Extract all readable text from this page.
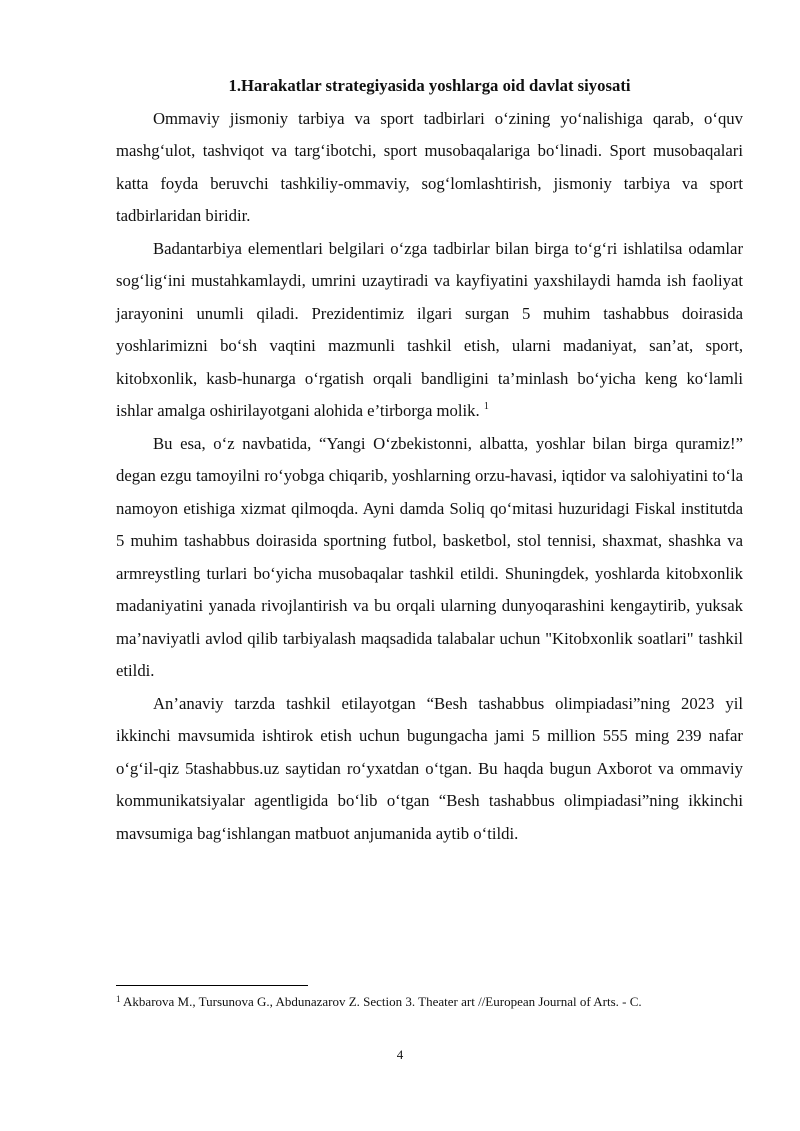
1.Harakatlar strategiyasida yoshlarga oid davlat siyosati

Ommaviy jismoniy tarbiya va sport tadbirlari o‘zining yo‘nalishiga qarab, o‘quv mashg‘ulot, tashviqot va targ‘ibotchi, sport musobaqalariga bo‘linadi. Sport musobaqalari katta foyda beruvchi tashkiliy-ommaviy, sog‘lomlashtirish, jismoniy tarbiya va sport tadbirlaridan biridir.

Badantarbiya elementlari belgilari o‘zga tadbirlar bilan birga to‘g‘ri ishlatilsa odamlar sog‘lig‘ini mustahkamlaydi, umrini uzaytiradi va kayfiyatini yaxshilaydi hamda ish faoliyat jarayonini unumli qiladi. Prezidentimiz ilgari surgan 5 muhim tashabbus doirasida yoshlarimizni bo‘sh vaqtini mazmunli tashkil etish, ularni madaniyat, san’at, sport, kitobxonlik, kasb-hunarga o‘rgatish orqali bandligini ta’minlash bo‘yicha keng ko‘lamli ishlar amalga oshirilayotgani alohida e’tirborga molik. $^1$

Bu esa, o‘z navbatida, “Yangi O‘zbekistonni, albatta, yoshlar bilan birga quramiz!” degan ezgu tamoyilni ro‘yobga chiqarib, yoshlarning orzu-havasi, iqtidor va salohiyatini to‘la namoyon etishiga xizmat qilmoqda. Ayni damda Soliq qo‘mitasi huzuridagi Fiskal institutda 5 muhim tashabbus doirasida sportning futbol, basketbol, stol tennisi, shaxmat, shashka va armreystling turlari bo‘yicha musobaqalar tashkil etildi. Shuningdek, yoshlarda kitobxonlik madaniyatini yanada rivojlantirish va bu orqali ularning dunyoqarashini kengaytirib, yuksak ma’naviyatli avlod qilib tarbiyalash maqsadida talabalar uchun "Kitobxonlik soatlari" tashkil etildi.

An’anaviy tarzda tashkil etilayotgan “Besh tashabbus olimpiadasi”ning 2023 yil ikkinchi mavsumida ishtirok etish uchun bugungacha jami 5 million 555 ming 239 nafar o‘g‘il-qiz 5tashabbus.uz saytidan ro‘yxatdan o‘tgan. Bu haqda bugun Axborot va ommaviy kommunikatsiyalar agentligida bo‘lib o‘tgan “Besh tashabbus olimpiadasi”ning ikkinchi mavsumiga bag‘ishlangan matbuot anjumanida aytib o‘tildi.

$^1$ Akbarova M., Tursunova G., Abdunazarov Z. Section 3. Theater art //European Journal of Arts. - C.
4
